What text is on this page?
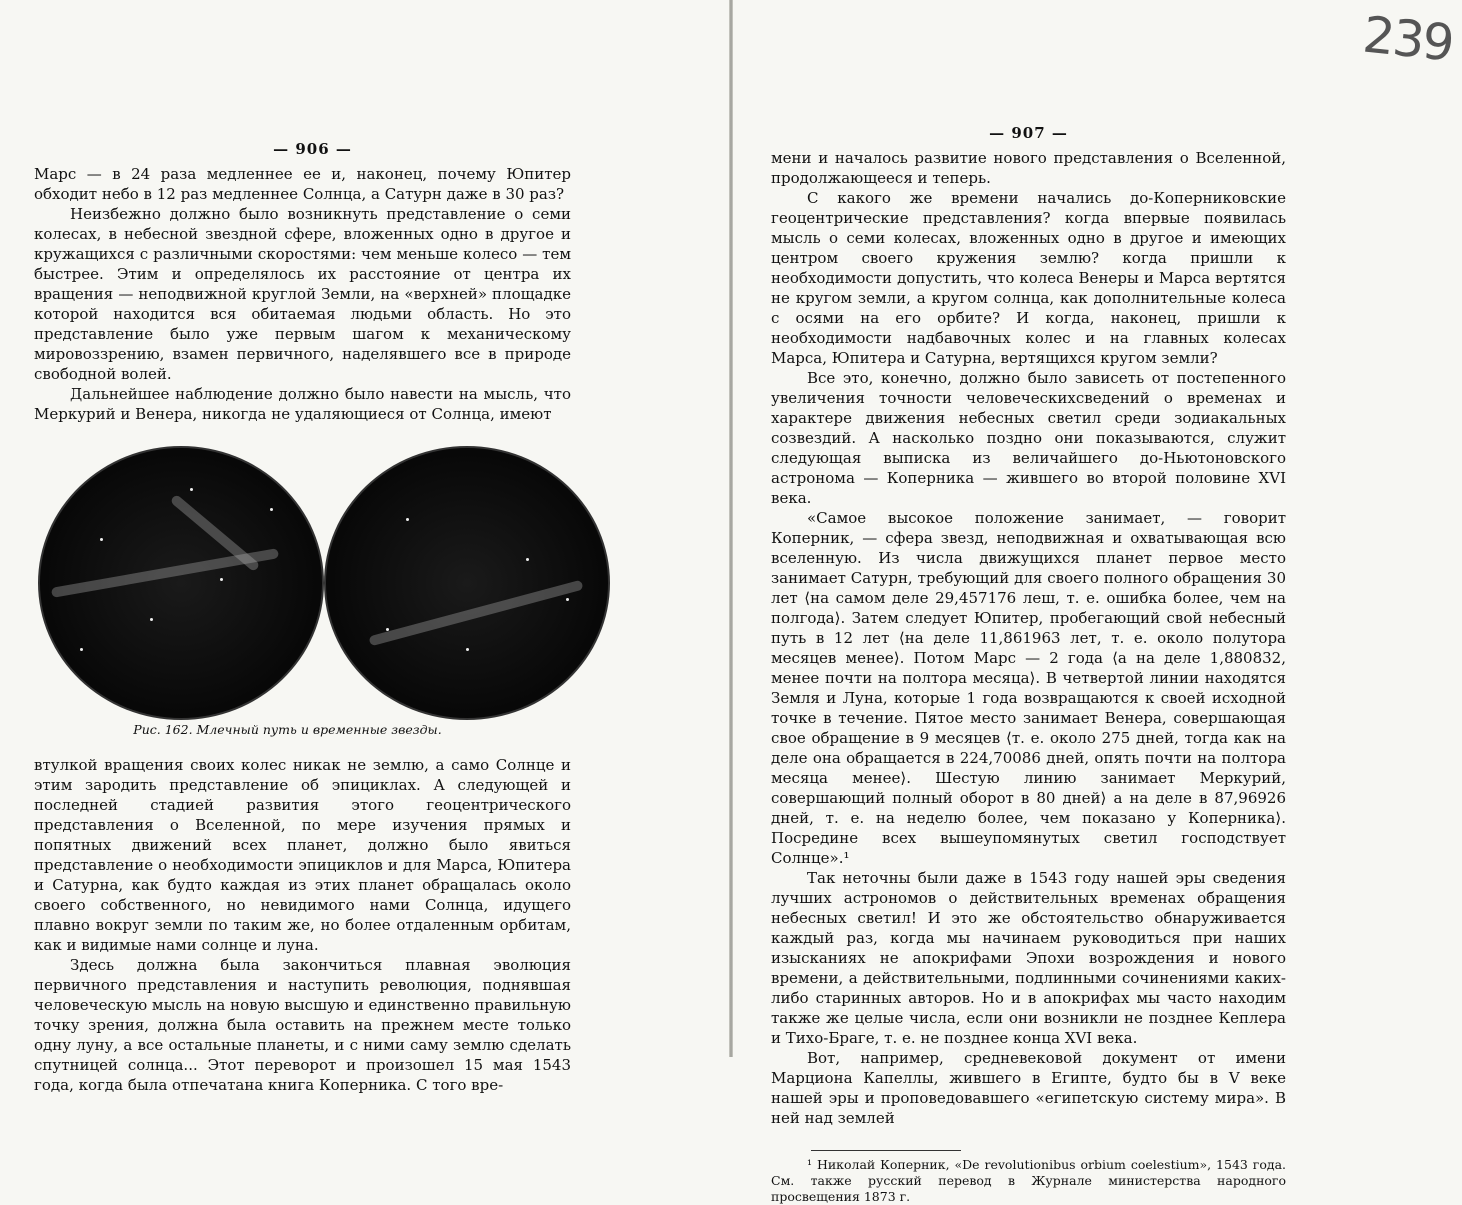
239
— 906 —

Марс — в 24 раза медленнее ее и, наконец, почему Юпитер обходит небо в 12 раз медленнее Солнца, а Сатурн даже в 30 раз?

Неизбежно должно было возникнуть представление о семи колесах, в небесной звездной сфере, вложенных одно в другое и кружащихся с различными скоростями: чем меньше колесо — тем быстрее. Этим и определялось их расстояние от центра их вращения — неподвижной круглой Земли, на «верхней» площадке которой находится вся обитаемая людьми область. Но это представление было уже первым шагом к механическому мировоззрению, взамен первичного, наделявшего все в природе свободной волей.

Дальнейшее наблюдение должно было навести на мысль, что Меркурий и Венера, никогда не удаляющиеся от Солнца, имеют

Рис. 162. Млечный путь и временные звезды.

втулкой вращения своих колес никак не землю, а само Солнце и этим зародить представление об эпициклах. А следующей и последней стадией развития этого геоцентрического представления о Вселенной, по мере изучения прямых и попятных движений всех планет, должно было явиться представление о необходимости эпициклов и для Марса, Юпитера и Сатурна, как будто каждая из этих планет обращалась около своего собственного, но невидимого нами Солнца, идущего плавно вокруг земли по таким же, но более отдаленным орбитам, как и видимые нами солнце и луна.

Здесь должна была закончиться плавная эволюция первичного представления и наступить революция, поднявшая человеческую мысль на новую высшую и единственно правильную точку зрения, должна была оставить на прежнем месте только одну луну, а все остальные планеты, и с ними саму землю сделать спутницей солнца... Этот переворот и произошел 15 мая 1543 года, когда была отпечатана книга Коперника. С того вре-

— 907 —

мени и началось развитие нового представления о Вселенной, продолжающееся и теперь.

С какого же времени начались до-Коперниковские геоцентрические представления? когда впервые появилась мысль о семи колесах, вложенных одно в другое и имеющих центром своего кружения землю? когда пришли к необходимости допустить, что колеса Венеры и Марса вертятся не кругом земли, а кругом солнца, как дополнительные колеса с осями на его орбите? И когда, наконец, пришли к необходимости надбавочных колес и на главных колесах Марса, Юпитера и Сатурна, вертящихся кругом земли?

Все это, конечно, должно было зависеть от постепенного увеличения точности человеческихсведений о временах и характере движения небесных светил среди зодиакальных созвездий. А насколько поздно они показываются, служит следующая выписка из величайшего до-Ньютоновского астронома — Коперника — жившего во второй половине XVI века.

«Самое высокое положение занимает, — говорит Коперник, — сфера звезд, неподвижная и охватывающая всю вселенную. Из числа движущихся планет первое место занимает Сатурн, требующий для своего полного обращения 30 лет ⟨на самом деле 29,457176 леш, т. е. ошибка более, чем на полгода⟩. Затем следует Юпитер, пробегающий свой небесный путь в 12 лет ⟨на деле 11,861963 лет, т. е. около полутора месяцев менее⟩. Потом Марс — 2 года ⟨а на деле 1,880832, менее почти на полтора месяца⟩. В четвертой линии находятся Земля и Луна, которые 1 года возвращаются к своей исходной точке в течение. Пятое место занимает Венера, совершающая свое обращение в 9 месяцев ⟨т. е. около 275 дней, тогда как на деле она обращается в 224,70086 дней, опять почти на полтора месяца менее⟩. Шестую линию занимает Меркурий, совершающий полный оборот в 80 дней⟩ а на деле в 87,96926 дней, т. е. на неделю более, чем показано у Коперника⟩. Посредине всех вышеупомянутых светил господствует Солнце».¹

Так неточны были даже в 1543 году нашей эры сведения лучших астрономов о действительных временах обращения небесных светил! И это же обстоятельство обнаруживается каждый раз, когда мы начинаем руководиться при наших изысканиях не апокрифами Эпохи возрождения и нового времени, а действительными, подлинными сочинениями каких-либо старинных авторов. Но и в апокрифах мы часто находим также же целые числа, если они возникли не позднее Кеплера и Тихо-Браге, т. е. не позднее конца XVI века.

Вот, например, средневековой документ от имени Марциона Капеллы, жившего в Египте, будто бы в V веке нашей эры и проповедовавшего «египетскую систему мира». В ней над землей

¹ Николай Коперник, «De revolutionibus orbium coelestium», 1543 года. См. также русский перевод в Журнале министерства народного просвещения 1873 г.
